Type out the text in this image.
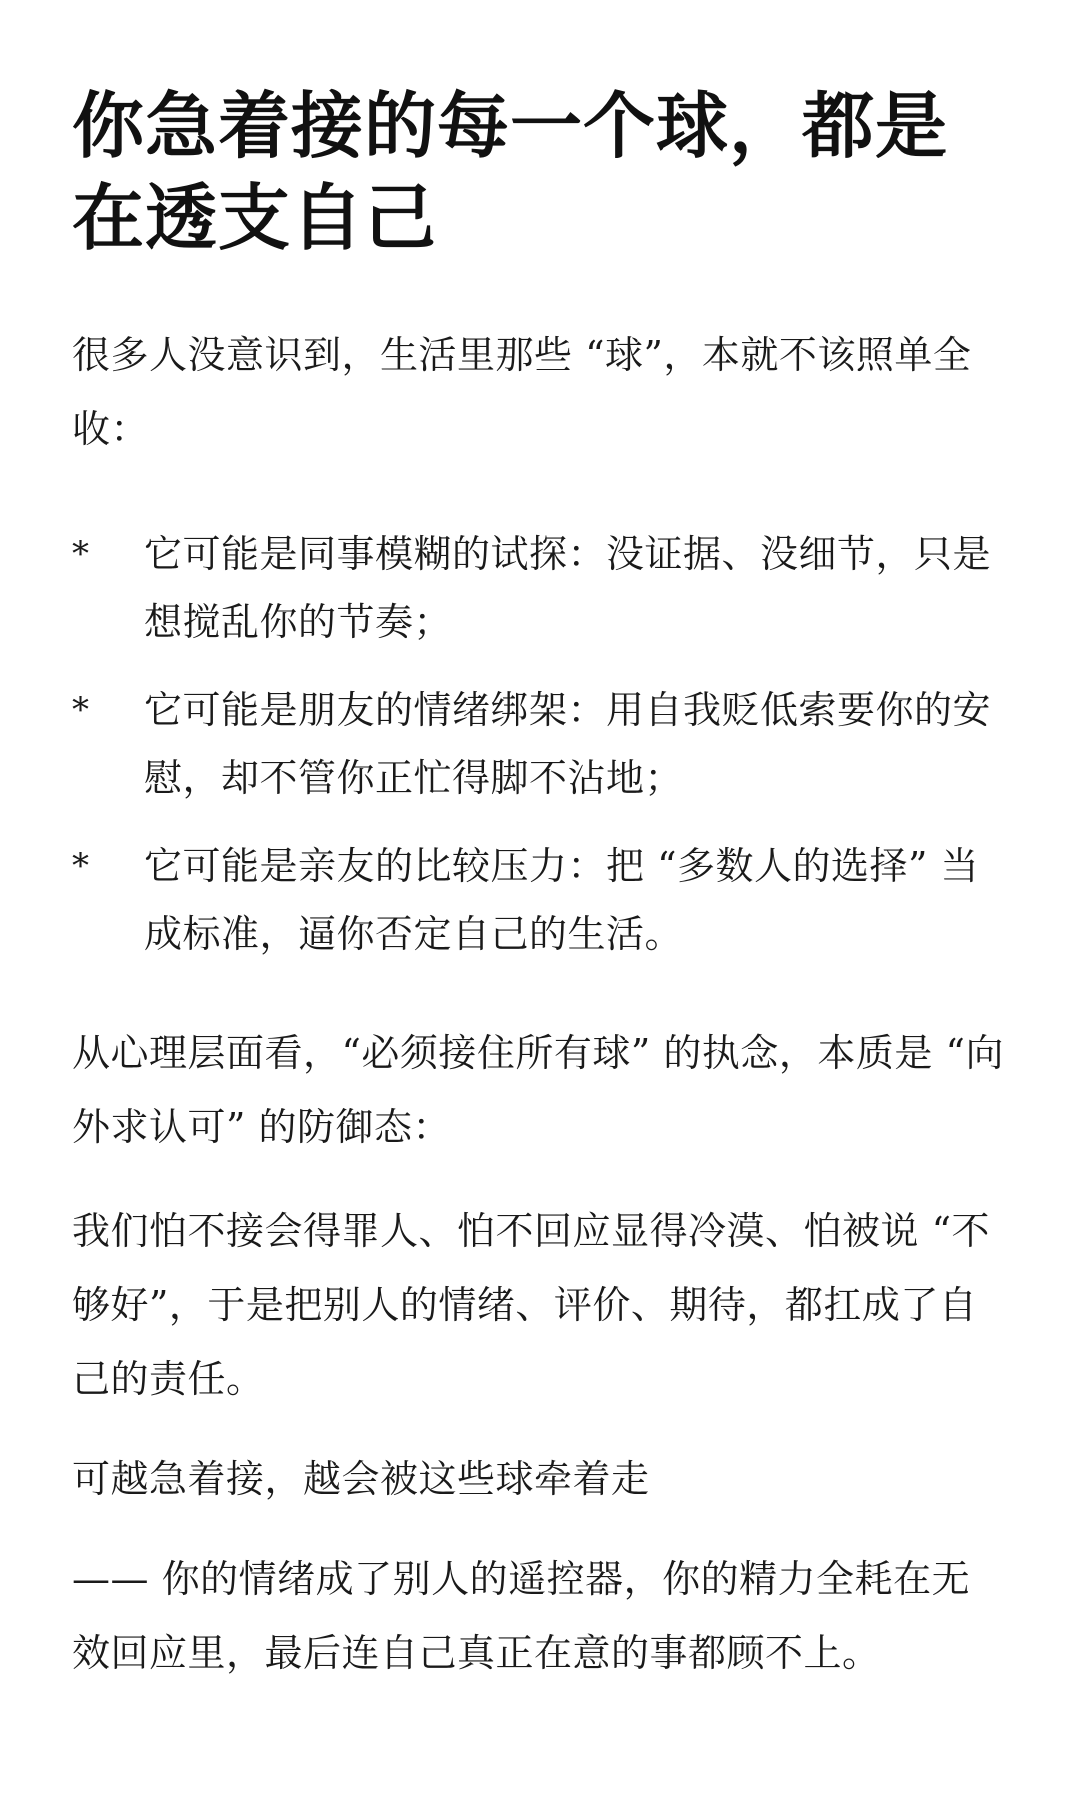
你急着接的每一个球，都是在透支自己

很多人没意识到，生活里那些 “球”，本就不该照单全收：

*	它可能是同事模糊的试探：没证据、没细节，只是想搅乱你的节奏；
*	它可能是朋友的情绪绑架：用自我贬低索要你的安慰，却不管你正忙得脚不沾地；
*	它可能是亲友的比较压力：把 “多数人的选择” 当成标准，逼你否定自己的生活。

从心理层面看，“必须接住所有球” 的执念，本质是 “向外求认可” 的防御态：

我们怕不接会得罪人、怕不回应显得冷漠、怕被说 “不够好”，于是把别人的情绪、评价、期待，都扛成了自己的责任。

可越急着接，越会被这些球牵着走

—— 你的情绪成了别人的遥控器，你的精力全耗在无效回应里，最后连自己真正在意的事都顾不上。
